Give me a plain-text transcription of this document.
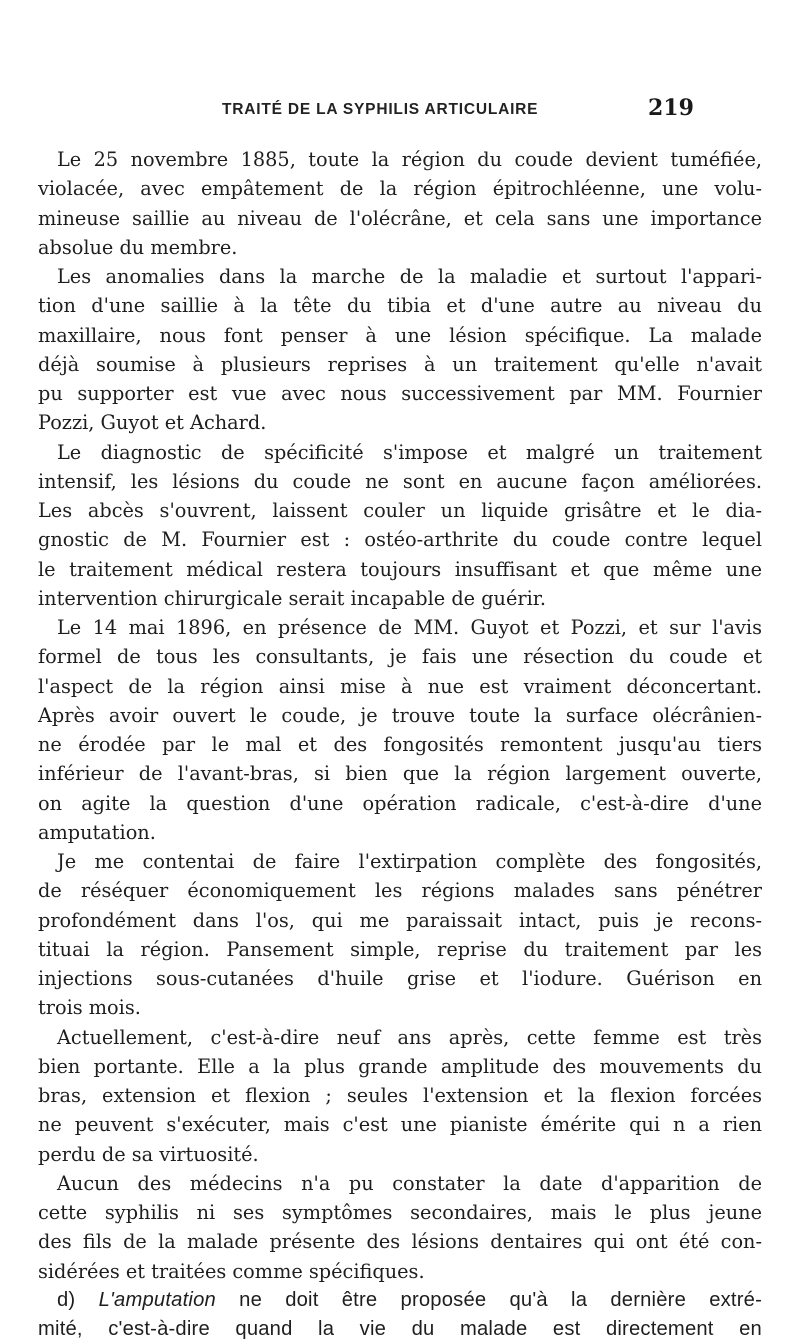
TRAITÉ DE LA SYPHILIS ARTICULAIRE	219
Le 25 novembre 1885, toute la région du coude devient tuméfiée,
violacée, avec empâtement de la région épitrochléenne, une volu-
mineuse saillie au niveau de l'olécrâne, et cela sans une importance
absolue du membre.
Les anomalies dans la marche de la maladie et surtout l'appari-
tion d'une saillie à la tête du tibia et d'une autre au niveau du
maxillaire, nous font penser à une lésion spécifique. La malade
déjà soumise à plusieurs reprises à un traitement qu'elle n'avait
pu supporter est vue avec nous successivement par MM. Fournier
Pozzi, Guyot et Achard.
Le diagnostic de spécificité s'impose et malgré un traitement
intensif, les lésions du coude ne sont en aucune façon améliorées.
Les abcès s'ouvrent, laissent couler un liquide grisâtre et le dia-
gnostic de M. Fournier est : ostéo-arthrite du coude contre lequel
le traitement médical restera toujours insuffisant et que même une
intervention chirurgicale serait incapable de guérir.
Le 14 mai 1896, en présence de MM. Guyot et Pozzi, et sur l'avis
formel de tous les consultants, je fais une résection du coude et
l'aspect de la région ainsi mise à nue est vraiment déconcertant.
Après avoir ouvert le coude, je trouve toute la surface olécrânien-
ne érodée par le mal et des fongosités remontent jusqu'au tiers
inférieur de l'avant-bras, si bien que la région largement ouverte,
on agite la question d'une opération radicale, c'est-à-dire d'une
amputation.
Je me contentai de faire l'extirpation complète des fongosités,
de réséquer économiquement les régions malades sans pénétrer
profondément dans l'os, qui me paraissait intact, puis je recons-
tituai la région. Pansement simple, reprise du traitement par les
injections sous-cutanées d'huile grise et l'iodure. Guérison en
trois mois.
Actuellement, c'est-à-dire neuf ans après, cette femme est très
bien portante. Elle a la plus grande amplitude des mouvements du
bras, extension et flexion ; seules l'extension et la flexion forcées
ne peuvent s'exécuter, mais c'est une pianiste émérite qui n a rien
perdu de sa virtuosité.
Aucun des médecins n'a pu constater la date d'apparition de
cette syphilis ni ses symptômes secondaires, mais le plus jeune
des fils de la malade présente des lésions dentaires qui ont été con-
sidérées et traitées comme spécifiques.
d) L'amputation ne doit être proposée qu'à la dernière extré-
mité, c'est-à-dire quand la vie du malade est directement en
